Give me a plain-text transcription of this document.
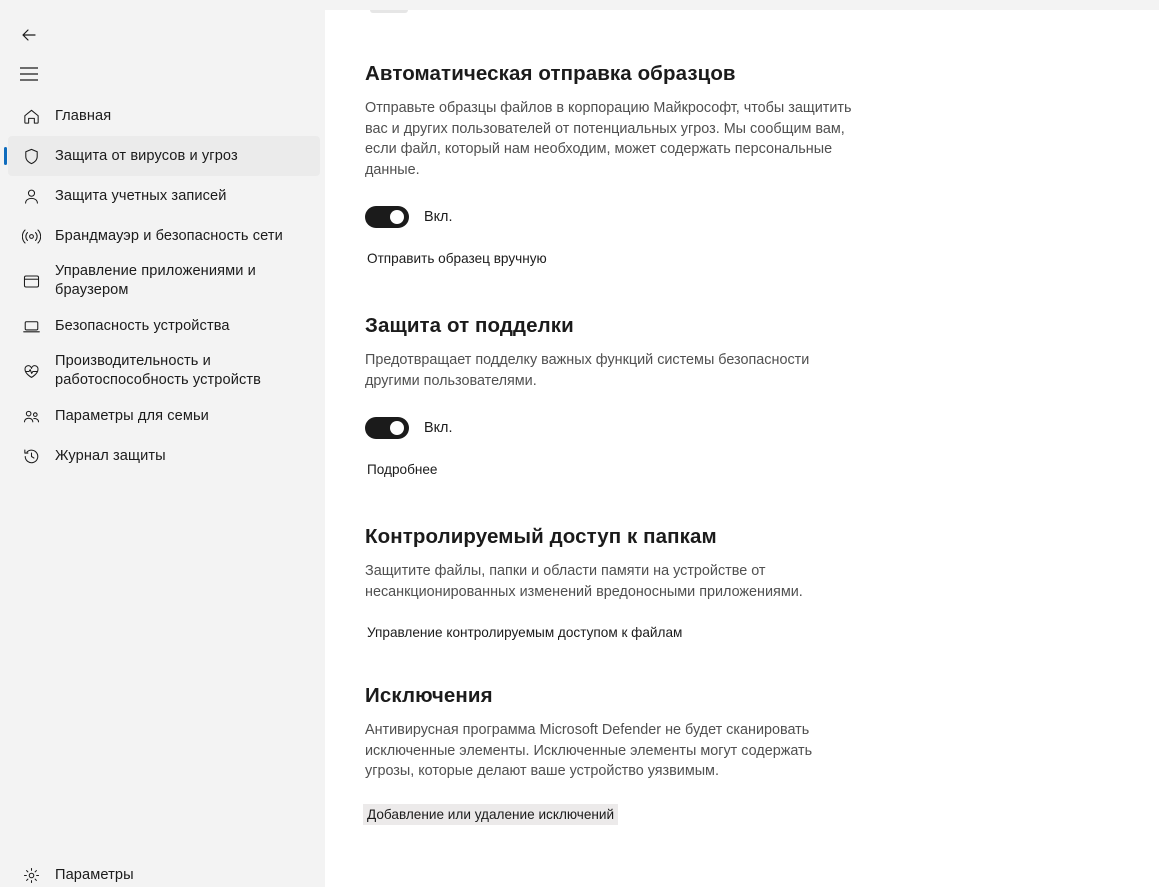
Главная
Защита от вирусов и угроз
Защита учетных записей
Брандмауэр и безопасность сети
Управление приложениями и браузером
Безопасность устройства
Производительность и работоспособность устройств
Параметры для семьи
Журнал защиты
Параметры
Автоматическая отправка образцов

Отправьте образцы файлов в корпорацию Майкрософт, чтобы защитить вас и других пользователей от потенциальных угроз. Мы сообщим вам, если файл, который нам необходим, может содержать персональные данные.

Вкл.
Отправить образец вручную
Защита от подделки

Предотвращает подделку важных функций системы безопасности другими пользователями.

Вкл.
Подробнее
Контролируемый доступ к папкам

Защитите файлы, папки и области памяти на устройстве от несанкционированных изменений вредоносными приложениями.

Управление контролируемым доступом к файлам
Исключения

Антивирусная программа Microsoft Defender не будет сканировать исключенные элементы. Исключенные элементы могут содержать угрозы, которые делают ваше устройство уязвимым.

Добавление или удаление исключений
